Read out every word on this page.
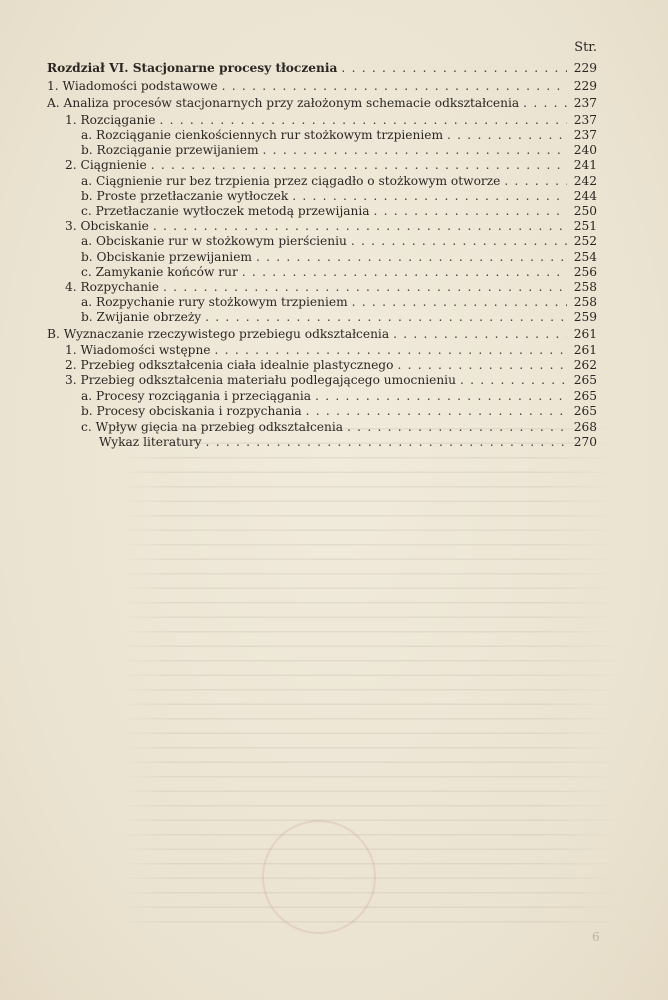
6
Str.
Rozdział VI. Stacjonarne procesy tłoczenia . . .	229
1. Wiadomości podstawowe . . .	229
A. Analiza procesów stacjonarnych przy założonym schemacie odkształcenia . . .	237
1. Rozciąganie . . .	237
a. Rozciąganie cienkościennych rur stożkowym trzpieniem . . .	237
b. Rozciąganie przewijaniem . . .	240
2. Ciągnienie . . .	241
a. Ciągnienie rur bez trzpienia przez ciągadło o stożkowym otworze . . .	242
b. Proste przetłaczanie wytłoczek . . .	244
c. Przetłaczanie wytłoczek metodą przewijania . . .	250
3. Obciskanie . . .	251
a. Obciskanie rur w stożkowym pierścieniu . . .	252
b. Obciskanie przewijaniem . . .	254
c. Zamykanie końców rur . . .	256
4. Rozpychanie . . .	258
a. Rozpychanie rury stożkowym trzpieniem . . .	258
b. Zwijanie obrzeży . . .	259
B. Wyznaczanie rzeczywistego przebiegu odkształcenia . . .	261
1. Wiadomości wstępne . . .	261
2. Przebieg odkształcenia ciała idealnie plastycznego . . .	262
3. Przebieg odkształcenia materiału podlegającego umocnieniu . . .	265
a. Procesy rozciągania i przeciągania . . .	265
b. Procesy obciskania i rozpychania . . .	265
c. Wpływ gięcia na przebieg odkształcenia . . .	268
Wykaz literatury . . .	270
